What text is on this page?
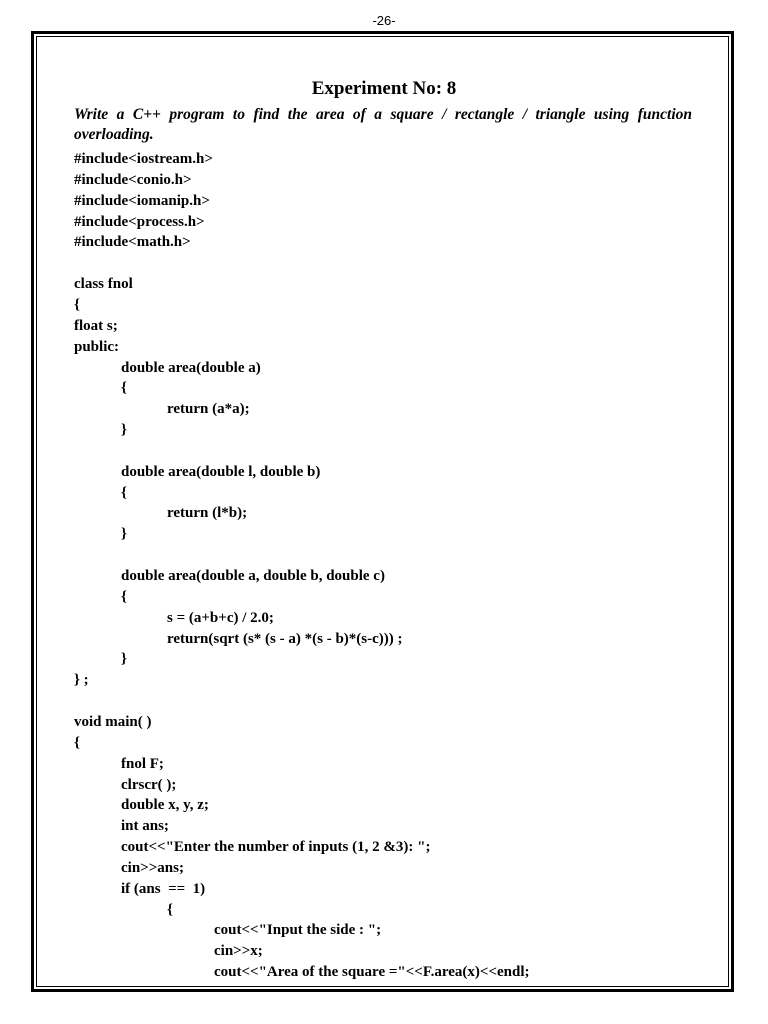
-26-
Experiment No: 8
Write a C++ program to find the area of a square / rectangle / triangle using function overloading.
#include<iostream.h>
#include<conio.h>
#include<iomanip.h>
#include<process.h>
#include<math.h>
class fnol
{
float s;
public:
double area(double a)
{
return (a*a);
}
double area(double l, double b)
{
return (l*b);
}
double area(double a, double b, double c)
{
s = (a+b+c) / 2.0;
return(sqrt (s* (s - a) *(s - b)*(s-c))) ;
}
} ;
void main( )
{
fnol F;
clrscr( );
double x, y, z;
int ans;
cout<<"Enter the number of inputs (1, 2 &3): ";
cin>>ans;
if (ans  ==  1)
{
cout<<"Input the side : ";
cin>>x;
cout<<"Area of the square ="<<F.area(x)<<endl;
